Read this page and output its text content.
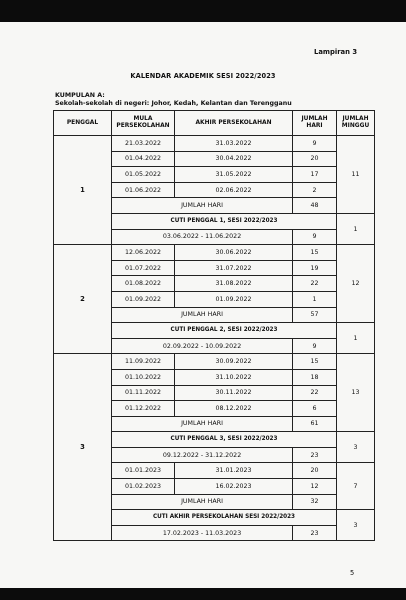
Lampiran 3
KALENDAR AKADEMIK SESI 2022/2023
KUMPULAN A:
Sekolah-sekolah di negeri: Johor, Kedah, Kelantan dan Terengganu
PENGGAL	MULA PERSEKOLAHAN	AKHIR PERSEKOLAHAN	JUMLAH HARI	JUMLAH MINGGU
1	21.03.2022	31.03.2022	9	11
	01.04.2022	30.04.2022	20	
	01.05.2022	31.05.2022	17	
	01.06.2022	02.06.2022	2	
	JUMLAH HARI		48	
	CUTI PENGGAL 1, SESI 2022/2023			1
	03.06.2022 - 11.06.2022		9	
2	12.06.2022	30.06.2022	15	12
	01.07.2022	31.07.2022	19	
	01.08.2022	31.08.2022	22	
	01.09.2022	01.09.2022	1	
	JUMLAH HARI		57	
	CUTI PENGGAL 2, SESI 2022/2023			1
	02.09.2022 - 10.09.2022		9	
3	11.09.2022	30.09.2022	15	13
	01.10.2022	31.10.2022	18	
	01.11.2022	30.11.2022	22	
	01.12.2022	08.12.2022	6	
	JUMLAH HARI		61	
	CUTI PENGGAL 3, SESI 2022/2023			3
	09.12.2022 - 31.12.2022		23	
	01.01.2023	31.01.2023	20	7
	01.02.2023	16.02.2023	12	
	JUMLAH HARI		32	
	CUTI AKHIR PERSEKOLAHAN SESI 2022/2023			3
	17.02.2023 - 11.03.2023		23	
5
